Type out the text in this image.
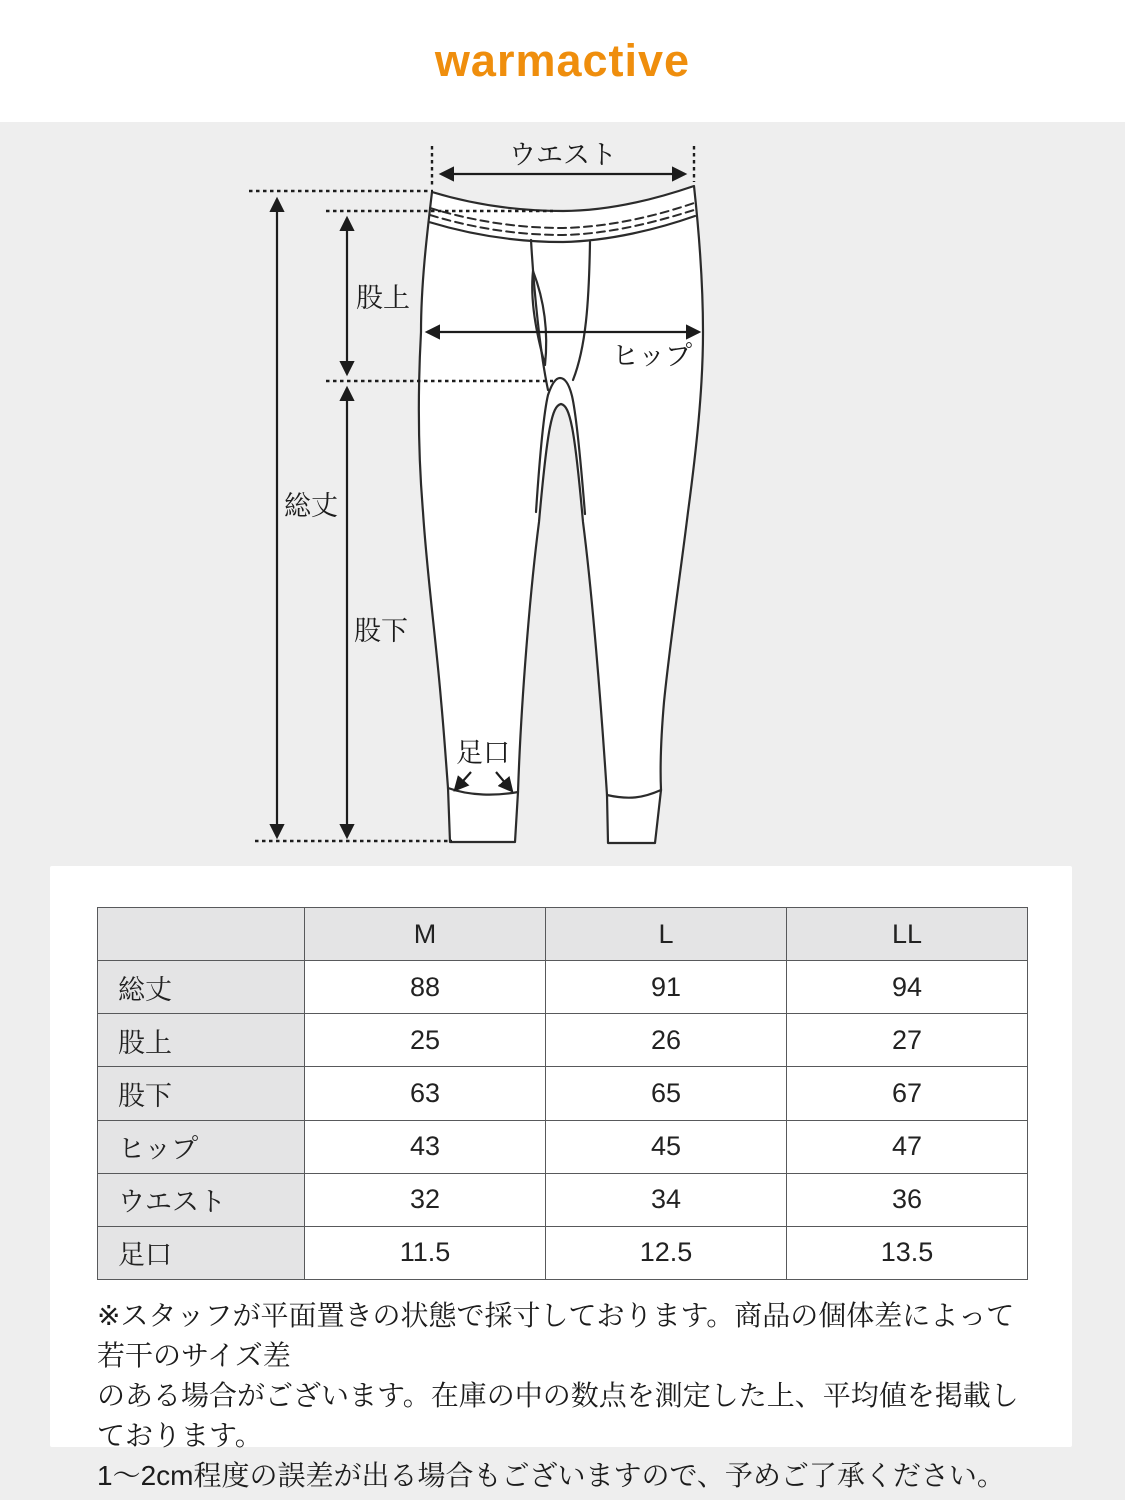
warmactive
ウエスト
股上
ヒップ
総丈
股下
足口
	M	L	LL
総丈	88	91	94
股上	25	26	27
股下	63	65	67
ヒップ	43	45	47
ウエスト	32	34	36
足口	11.5	12.5	13.5
※スタッフが平面置きの状態で採寸しております。商品の個体差によって若干のサイズ差
のある場合がございます。在庫の中の数点を測定した上、平均値を掲載しております。
1〜2cm程度の誤差が出る場合もございますので、予めご了承ください。
